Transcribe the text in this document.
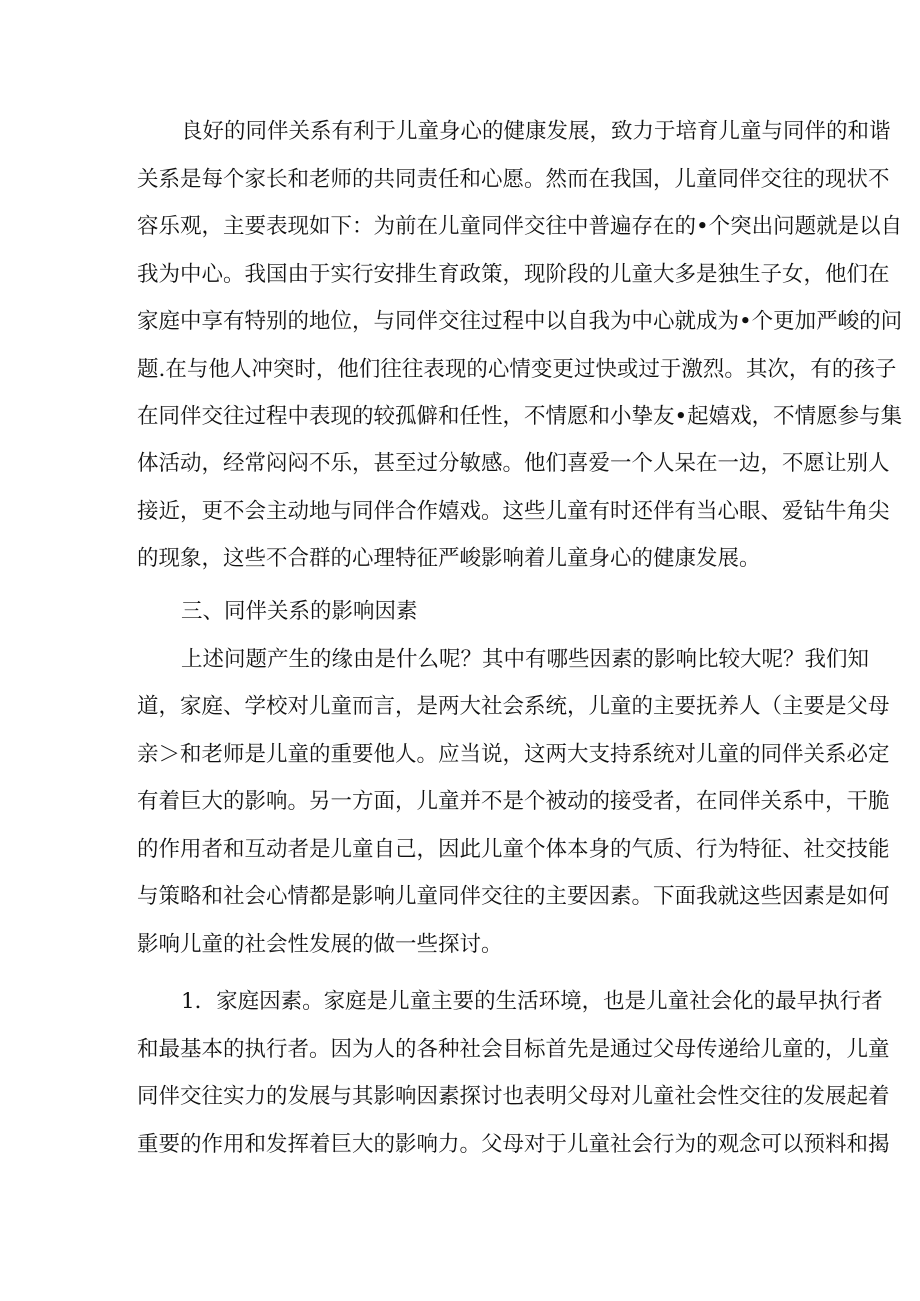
良好的同伴关系有利于儿童身心的健康发展，致力于培育儿童与同伴的和谐
关系是每个家长和老师的共同责任和心愿。然而在我国，儿童同伴交往的现状不
容乐观，主要表现如下：为前在儿童同伴交往中普遍存在的•个突出问题就是以自
我为中心。我国由于实行安排生育政策，现阶段的儿童大多是独生子女，他们在
家庭中享有特别的地位，与同伴交往过程中以自我为中心就成为•个更加严峻的问
题.在与他人冲突时，他们往往表现的心情变更过快或过于激烈。其次，有的孩子
在同伴交往过程中表现的较孤僻和任性，不情愿和小挚友•起嬉戏，不情愿参与集
体活动，经常闷闷不乐，甚至过分敏感。他们喜爱一个人呆在一边，不愿让别人
接近，更不会主动地与同伴合作嬉戏。这些儿童有时还伴有当心眼、爱钻牛角尖
的现象，这些不合群的心理特征严峻影响着儿童身心的健康发展。
三、同伴关系的影响因素
上述问题产生的缘由是什么呢？其中有哪些因素的影响比较大呢？我们知
道，家庭、学校对儿童而言，是两大社会系统，儿童的主要抚养人（主要是父母
亲＞和老师是儿童的重要他人。应当说，这两大支持系统对儿童的同伴关系必定
有着巨大的影响。另一方面，儿童并不是个被动的接受者，在同伴关系中，干脆
的作用者和互动者是儿童自己，因此儿童个体本身的气质、行为特征、社交技能
与策略和社会心情都是影响儿童同伴交往的主要因素。下面我就这些因素是如何
影响儿童的社会性发展的做一些探讨。
1．家庭因素。家庭是儿童主要的生活环境，也是儿童社会化的最早执行者
和最基本的执行者。因为人的各种社会目标首先是通过父母传递给儿童的，儿童
同伴交往实力的发展与其影响因素探讨也表明父母对儿童社会性交往的发展起着
重要的作用和发挥着巨大的影响力。父母对于儿童社会行为的观念可以预料和揭
